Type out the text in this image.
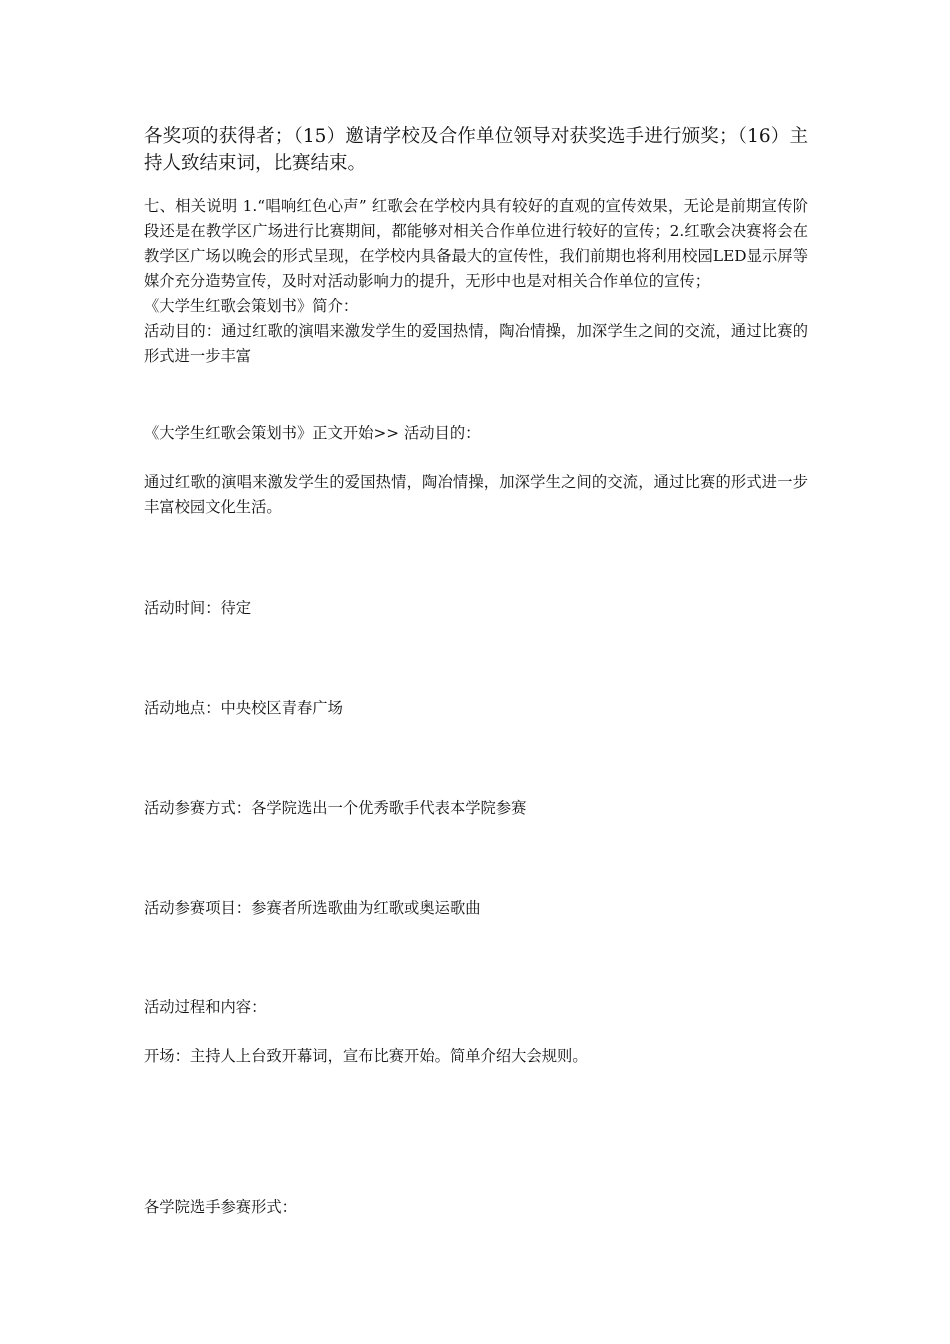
各奖项的获得者；（15）邀请学校及合作单位领导对获奖选手进行颁奖；（16）主持人致结束词，比赛结束。

七、相关说明 1.“唱响红色心声” 红歌会在学校内具有较好的直观的宣传效果，无论是前期宣传阶段还是在教学区广场进行比赛期间，都能够对相关合作单位进行较好的宣传；2.红歌会决赛将会在教学区广场以晚会的形式呈现，在学校内具备最大的宣传性，我们前期也将利用校园LED显示屏等媒介充分造势宣传，及时对活动影响力的提升，无形中也是对相关合作单位的宣传；
《大学生红歌会策划书》简介：
活动目的：通过红歌的演唱来激发学生的爱国热情，陶冶情操，加深学生之间的交流，通过比赛的形式进一步丰富

《大学生红歌会策划书》正文开始>> 活动目的：

通过红歌的演唱来激发学生的爱国热情，陶冶情操，加深学生之间的交流，通过比赛的形式进一步丰富校园文化生活。

活动时间：待定

活动地点：中央校区青春广场

活动参赛方式：各学院选出一个优秀歌手代表本学院参赛

活动参赛项目：参赛者所选歌曲为红歌或奥运歌曲

活动过程和内容：

开场：主持人上台致开幕词，宣布比赛开始。简单介绍大会规则。

各学院选手参赛形式：
